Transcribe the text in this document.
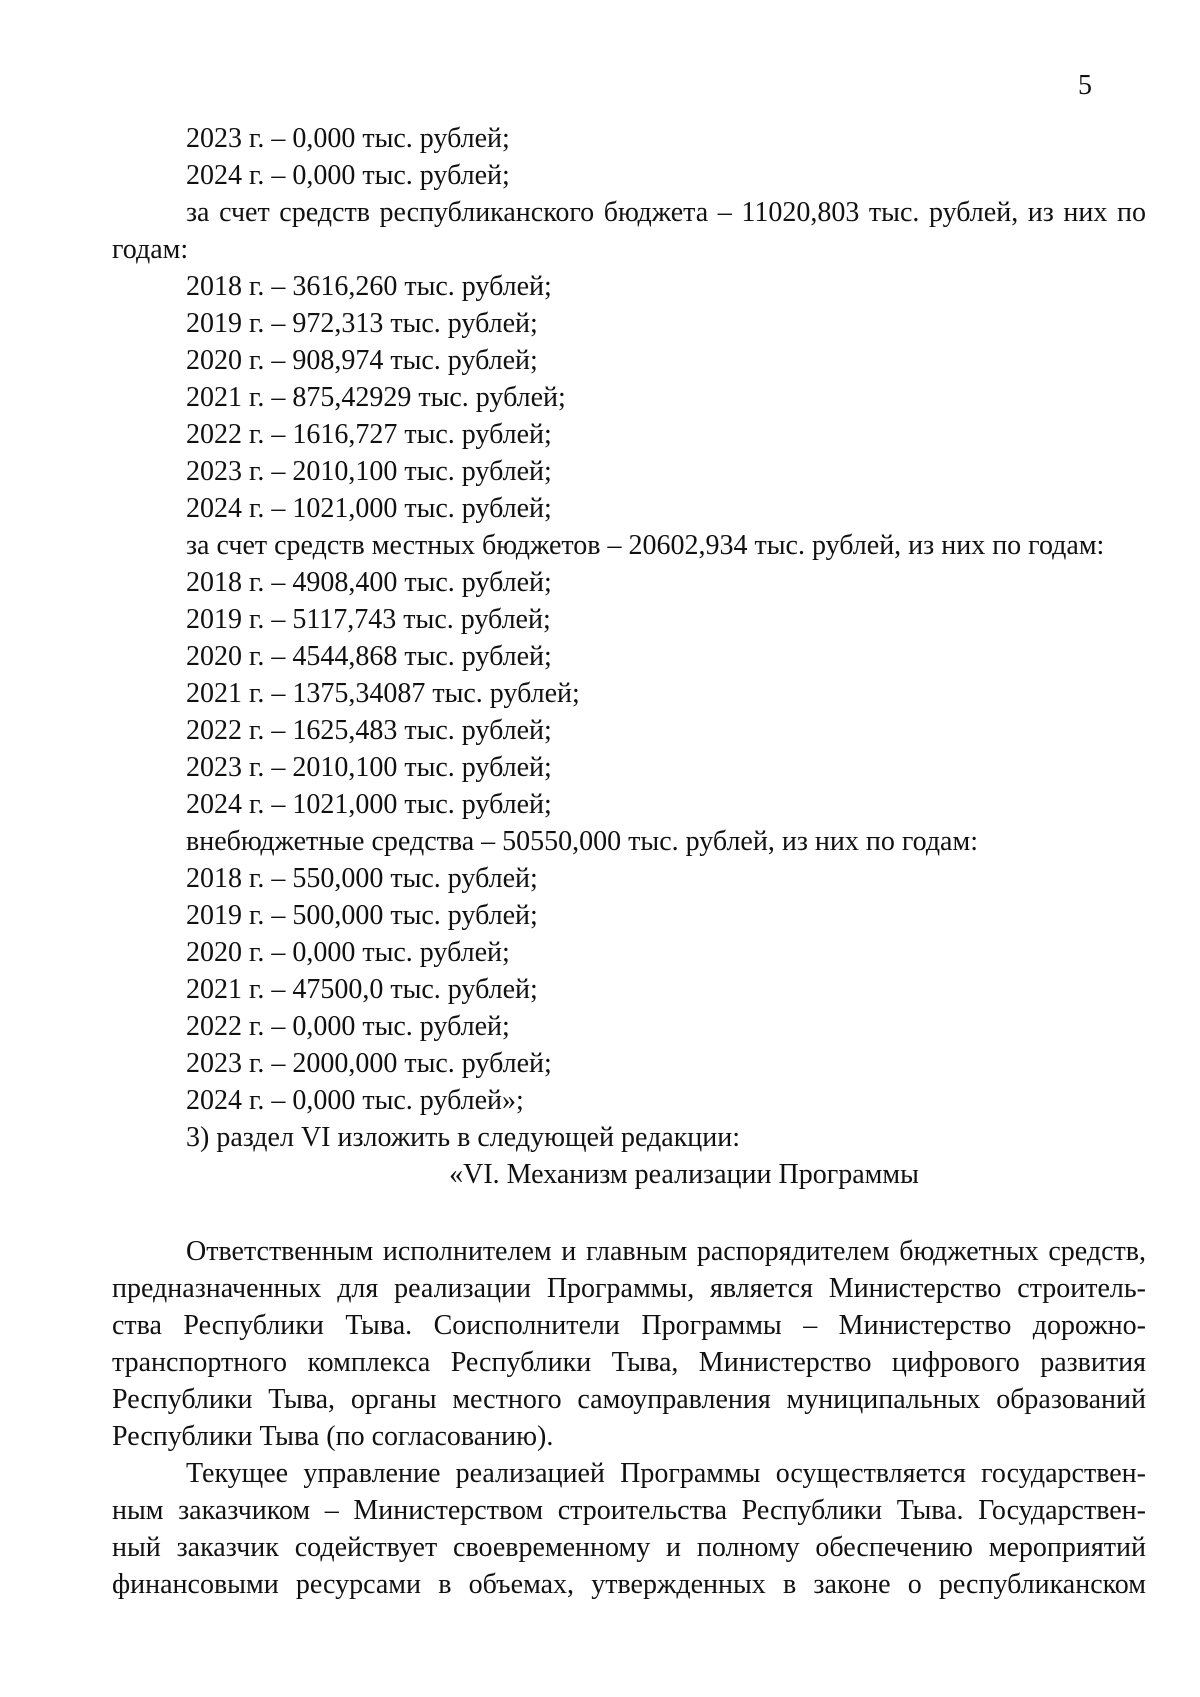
5
2023 г. – 0,000 тыс. рублей;
2024 г. – 0,000 тыс. рублей;
за счет средств республиканского бюджета – 11020,803 тыс. рублей, из них по
годам:
2018 г. – 3616,260 тыс. рублей;
2019 г. – 972,313 тыс. рублей;
2020 г. – 908,974 тыс. рублей;
2021 г. – 875,42929 тыс. рублей;
2022 г. – 1616,727 тыс. рублей;
2023 г. – 2010,100 тыс. рублей;
2024 г. – 1021,000 тыс. рублей;
за счет средств местных бюджетов – 20602,934 тыс. рублей, из них по годам:
2018 г. – 4908,400 тыс. рублей;
2019 г. – 5117,743 тыс. рублей;
2020 г. – 4544,868 тыс. рублей;
2021 г. – 1375,34087 тыс. рублей;
2022 г. – 1625,483 тыс. рублей;
2023 г. – 2010,100 тыс. рублей;
2024 г. – 1021,000 тыс. рублей;
внебюджетные средства – 50550,000 тыс. рублей, из них по годам:
2018 г. – 550,000 тыс. рублей;
2019 г. – 500,000 тыс. рублей;
2020 г. – 0,000 тыс. рублей;
2021 г. – 47500,0 тыс. рублей;
2022 г. – 0,000 тыс. рублей;
2023 г. – 2000,000 тыс. рублей;
2024 г. – 0,000 тыс. рублей»;
3) раздел VI изложить в следующей редакции:
«VI. Механизм реализации Программы
Ответственным исполнителем и главным распорядителем бюджетных средств,
предназначенных для реализации Программы, является Министерство строитель-
ства Республики Тыва. Соисполнители Программы – Министерство дорожно-
транспортного комплекса Республики Тыва, Министерство цифрового развития
Республики Тыва, органы местного самоуправления муниципальных образований
Республики Тыва (по согласованию).
Текущее управление реализацией Программы осуществляется государствен-
ным заказчиком – Министерством строительства Республики Тыва. Государствен-
ный заказчик содействует своевременному и полному обеспечению мероприятий
финансовыми ресурсами в объемах, утвержденных в законе о республиканском
